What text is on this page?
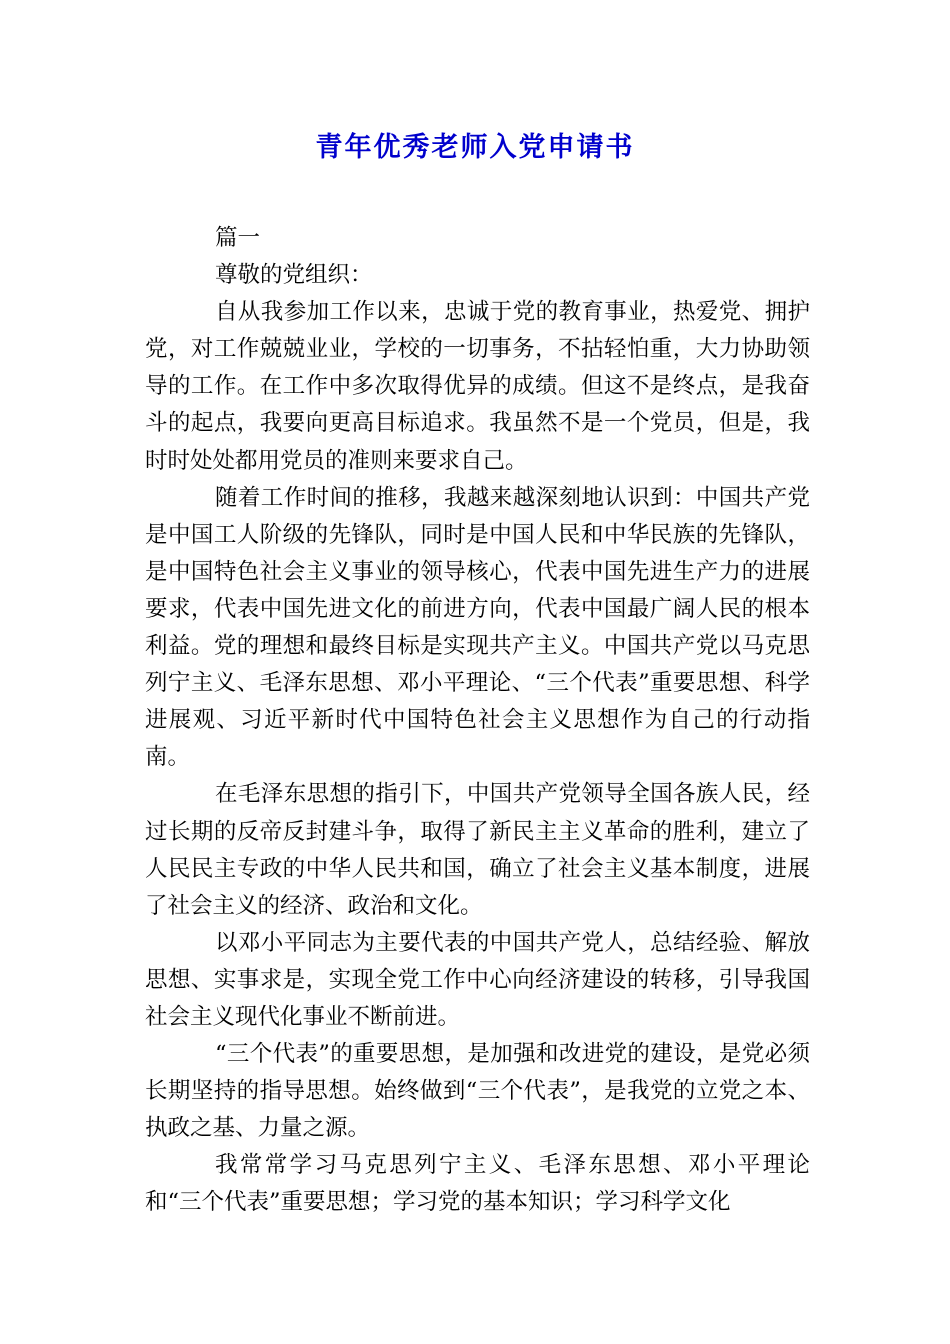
青年优秀老师入党申请书

篇一

尊敬的党组织：

自从我参加工作以来，忠诚于党的教育事业，热爱党、拥护党，对工作兢兢业业，学校的一切事务，不拈轻怕重，大力协助领导的工作。在工作中多次取得优异的成绩。但这不是终点，是我奋斗的起点，我要向更高目标追求。我虽然不是一个党员，但是，我时时处处都用党员的准则来要求自己。

随着工作时间的推移，我越来越深刻地认识到：中国共产党是中国工人阶级的先锋队，同时是中国人民和中华民族的先锋队，是中国特色社会主义事业的领导核心，代表中国先进生产力的进展要求，代表中国先进文化的前进方向，代表中国最广阔人民的根本利益。党的理想和最终目标是实现共产主义。中国共产党以马克思列宁主义、毛泽东思想、邓小平理论、“三个代表”重要思想、科学进展观、习近平新时代中国特色社会主义思想作为自己的行动指南。

在毛泽东思想的指引下，中国共产党领导全国各族人民，经过长期的反帝反封建斗争，取得了新民主主义革命的胜利，建立了人民民主专政的中华人民共和国，确立了社会主义基本制度，进展了社会主义的经济、政治和文化。

以邓小平同志为主要代表的中国共产党人，总结经验、解放思想、实事求是，实现全党工作中心向经济建设的转移，引导我国社会主义现代化事业不断前进。

“三个代表”的重要思想，是加强和改进党的建设，是党必须长期坚持的指导思想。始终做到“三个代表”，是我党的立党之本、执政之基、力量之源。

我常常学习马克思列宁主义、毛泽东思想、邓小平理论和“三个代表”重要思想；学习党的基本知识；学习科学文化
